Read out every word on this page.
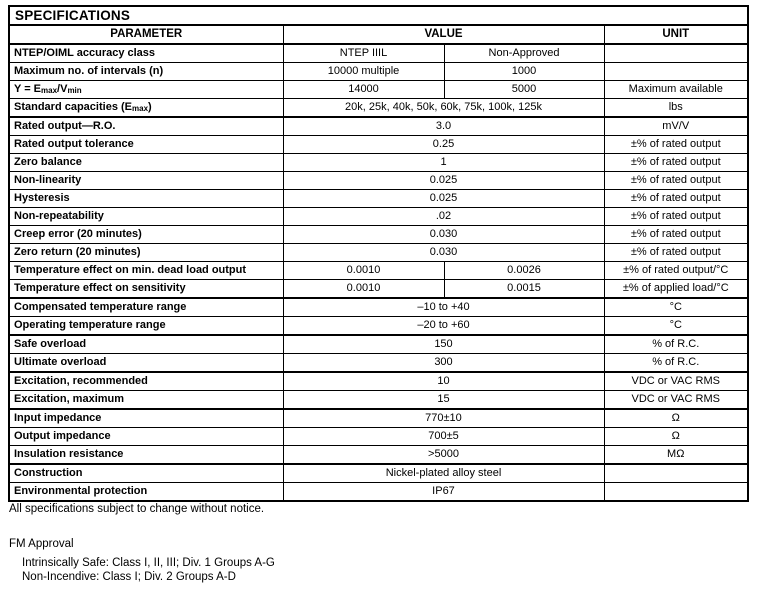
SPECIFICATIONS			
PARAMETER	VALUE		UNIT
NTEP/OIML accuracy class	NTEP IIIL	Non-Approved	
Maximum no. of intervals (n)	10000 multiple	1000	
$Y = E_{max}/V_{min}$	14000	5000	Maximum available
Standard capacities $(E_{max})$	20k, 25k, 40k, 50k, 60k, 75k, 100k, 125k		lbs
Rated output—R.O.	3.0		mV/V
Rated output tolerance	0.25		±% of rated output
Zero balance	1		±% of rated output
Non-linearity	0.025		±% of rated output
Hysteresis	0.025		±% of rated output
Non-repeatability	.02		±% of rated output
Creep error (20 minutes)	0.030		±% of rated output
Zero return (20 minutes)	0.030		±% of rated output
Temperature effect on min. dead load output	0.0010	0.0026	±% of rated output/°C
Temperature effect on sensitivity	0.0010	0.0015	±% of applied load/°C
Compensated temperature range	–10 to +40		°C
Operating temperature range	–20 to +60		°C
Safe overload	150		% of R.C.
Ultimate overload	300		% of R.C.
Excitation, recommended	10		VDC or VAC RMS
Excitation, maximum	15		VDC or VAC RMS
Input impedance	770±10		Ω
Output impedance	700±5		Ω
Insulation resistance	>5000		MΩ
Construction	Nickel-plated alloy steel		
Environmental protection	IP67		
All specifications subject to change without notice.
FM Approval
Intrinsically Safe: Class I, II, III; Div. 1 Groups A-G
Non-Incendive: Class I; Div. 2 Groups A-D
